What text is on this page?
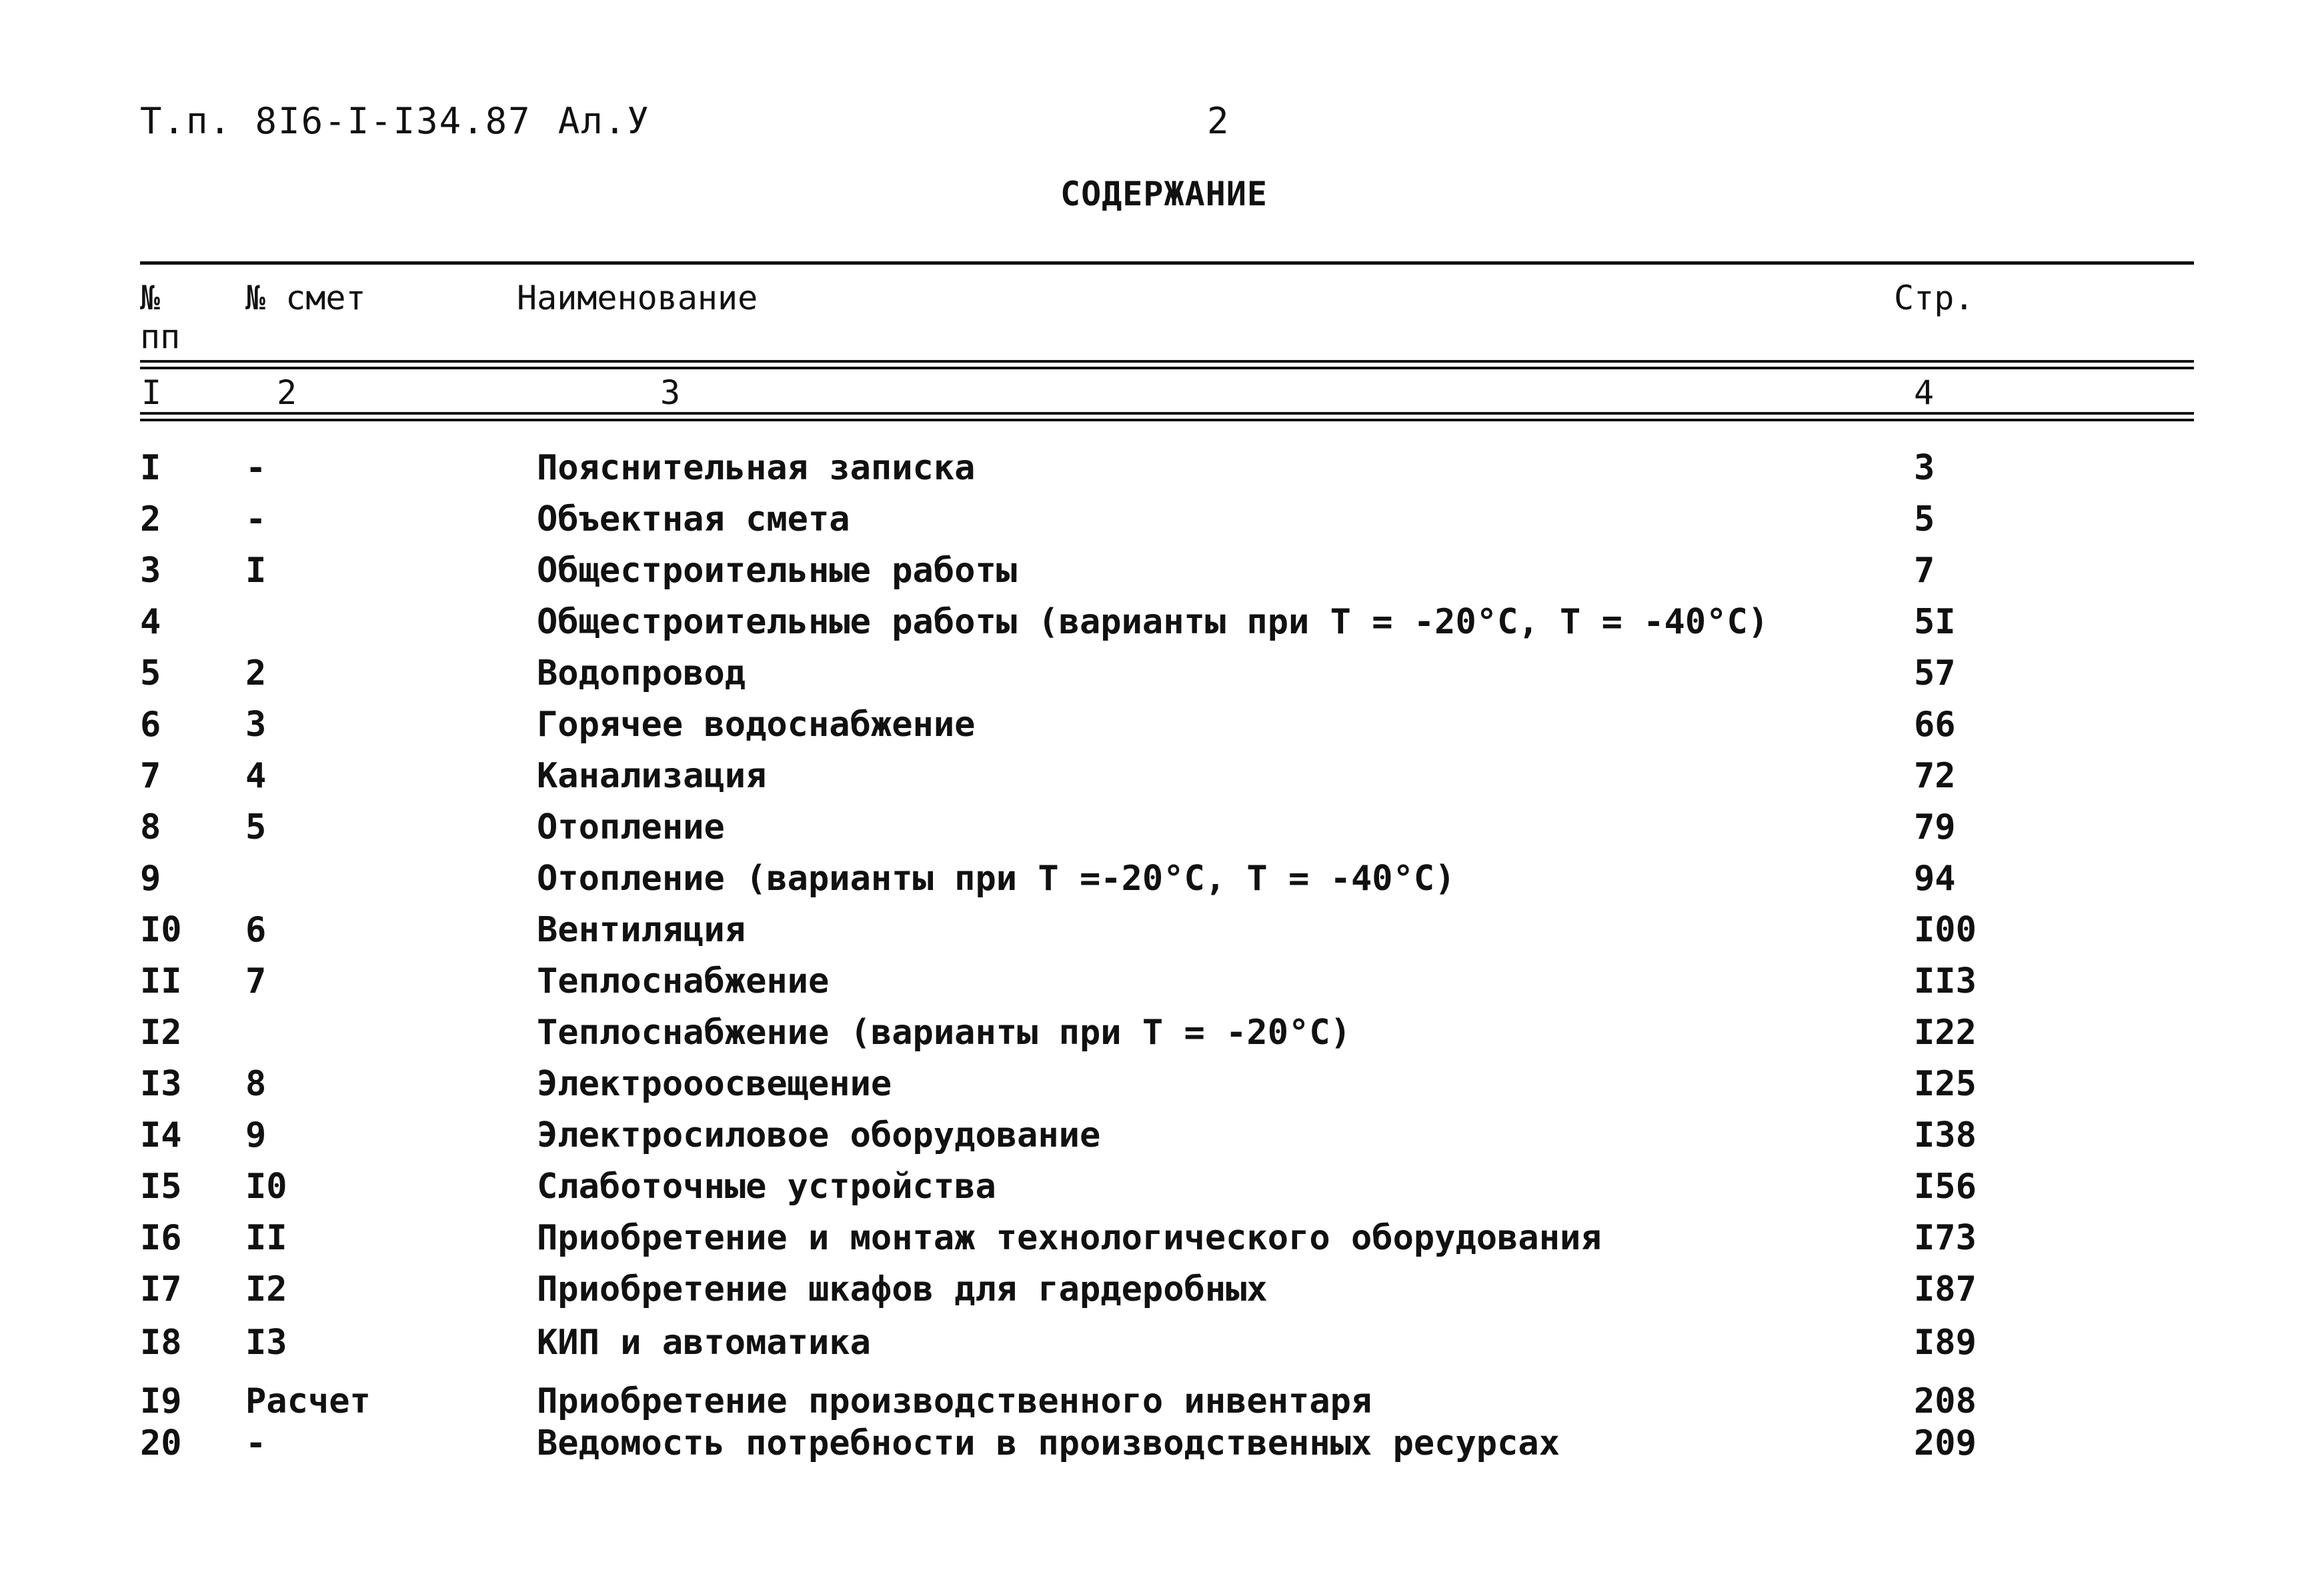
Т.п. 8I6-I-I34.87 Ал.У	2
СОДЕРЖАНИЕ
№
пп
№ смет	Наименование	Стр.
I	2	3	4
I -	Пояснительная записка	3
2 -	Объектная смета	5
3 I	Общестроительные работы	7
4	Общестроительные работы (варианты при Т = -20°С, Т = -40°С)	5I
5 2	Водопровод	57
6 3	Горячее водоснабжение	66
7 4	Канализация	72
8 5	Отопление	79
9	Отопление (варианты при Т =-20°С, Т = -40°С)	94
I0 6	Вентиляция	I00
II 7	Теплоснабжение	II3
I2	Теплоснабжение (варианты при Т = -20°С)	I22
I3 8	Электрооосвещение	I25
I4 9	Электросиловое оборудование	I38
I5 I0	Слаботочные устройства	I56
I6 II	Приобретение и монтаж технологического оборудования	I73
I7 I2	Приобретение шкафов для гардеробных	I87
I8 I3	КИП и автоматика	I89
I9 Расчет	Приобретение производственного инвентаря	208
20 -	Ведомость потребности в производственных ресурсах	209
